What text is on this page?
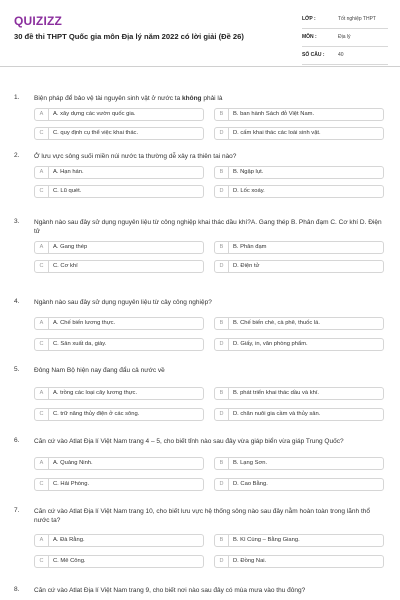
QUIZIZZ
30 đề thi THPT Quốc gia môn Địa lý năm 2022 có lời giải (Đề 26)
LỚP :	Tốt nghiệp THPT
MÔN :	Địa lý
SỐ CÂU :	40
1. Biện pháp để bảo vệ tài nguyên sinh vật ở nước ta không phải là
A	A. xây dựng các vườn quốc gia.	B	B. ban hành Sách đỏ Việt Nam.
C	C. quy định cụ thể việc khai thác.	D	D. cấm khai thác các loài sinh vật.
2. Ở lưu vực sông suối miền núi nước ta thường dễ xảy ra thiên tai nào?
A	A. Hạn hán.	B	B. Ngập lụt.
C	C. Lũ quét.	D	D. Lốc xoáy.
3. Ngành nào sau đây sử dụng nguyên liệu từ công nghiệp khai thác dầu khí?A. Gang thép B. Phân đạm C. Cơ khí D. Điện tử
A	A. Gang thép	B	B. Phân đạm
C	C. Cơ khí	D	D. Điện tử
4. Ngành nào sau đây sử dụng nguyên liệu từ cây công nghiệp?
A	A. Chế biến lương thực.	B	B. Chế biến chè, cà phê, thuốc lá.
C	C. Sản xuất da, giày.	D	D. Giấy, in, văn phòng phẩm.
5. Đông Nam Bộ hiện nay đang đẩu cả nước về
A	A. trồng các loại cây lương thực.	B	B. phát triển khai thác dầu và khí.
C	C. trữ năng thủy điện ở các sông.	D	D. chăn nuôi gia cầm và thủy sản.
6. Căn cứ vào Atlat Địa lí Việt Nam trang 4 – 5, cho biết tỉnh nào sau đây vừa giáp biển vừa giáp Trung Quốc?
A	A. Quảng Ninh.	B	B. Lạng Sơn.
C	C. Hải Phòng.	D	D. Cao Bằng.
7. Căn cứ vào Atlat Địa lí Việt Nam trang 10, cho biết lưu vực hệ thống sông nào sau đây nằm hoàn toàn trong lãnh thổ nước ta?
A	A. Đà Rằng.	B	B. Kì Cùng – Bằng Giang.
C	C. Mê Công.	D	D. Đồng Nai.
8. Căn cứ vào Atlat Địa lí Việt Nam trang 9, cho biết nơi nào sau đây có mùa mưa vào thu đông?
